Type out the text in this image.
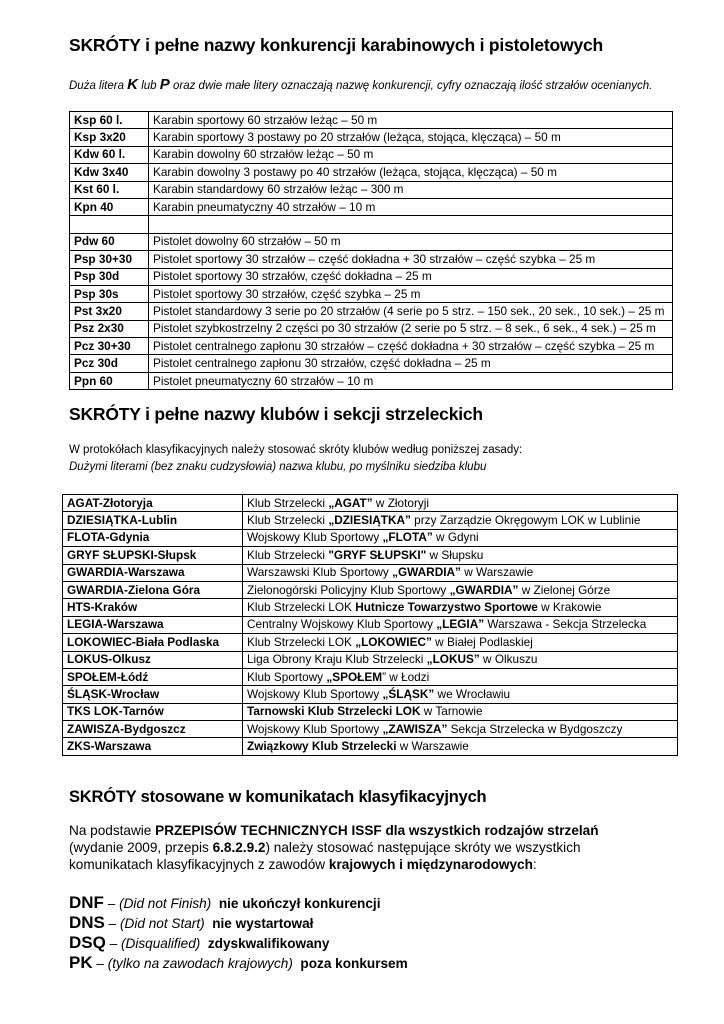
SKRÓTY i pełne nazwy konkurencji karabinowych i pistoletowych
Duża litera K lub P oraz dwie małe litery oznaczają nazwę konkurencji, cyfry oznaczają ilość strzałów ocenianych.
Ksp 60 l.	Karabin sportowy 60 strzałów leżąc – 50 m
Ksp 3x20	Karabin sportowy 3 postawy po 20 strzałów (leżąca, stojąca, klęcząca) – 50 m
Kdw 60 l.	Karabin dowolny 60 strzałów leżąc – 50 m
Kdw 3x40	Karabin dowolny 3 postawy po 40 strzałów (leżąca, stojąca, klęcząca) – 50 m
Kst 60 l.	Karabin standardowy 60 strzałów leżąc – 300 m
Kpn 40	Karabin pneumatyczny 40 strzałów – 10 m

Pdw 60	Pistolet dowolny 60 strzałów – 50 m
Psp 30+30	Pistolet sportowy 30 strzałów – część dokładna + 30 strzałów – część szybka – 25 m
Psp 30d	Pistolet sportowy 30 strzałów, część dokładna – 25 m
Psp 30s	Pistolet sportowy 30 strzałów, część szybka – 25 m
Pst 3x20	Pistolet standardowy 3 serie po 20 strzałów (4 serie po 5 strz. – 150 sek., 20 sek., 10 sek.) – 25 m
Psz 2x30	Pistolet szybkostrzelny 2 części po 30 strzałów (2 serie po 5 strz. – 8 sek., 6 sek., 4 sek.) – 25 m
Pcz 30+30	Pistolet centralnego zapłonu 30 strzałów – część dokładna + 30 strzałów – część szybka – 25 m
Pcz 30d	Pistolet centralnego zapłonu 30 strzałów, część dokładna – 25 m
Ppn 60	Pistolet pneumatyczny 60 strzałów – 10 m
SKRÓTY i pełne nazwy klubów i sekcji strzeleckich
W protokółach klasyfikacyjnych należy stosować skróty klubów według poniższej zasady:
Dużymi literami (bez znaku cudzysłowia) nazwa klubu, po myślniku siedziba klubu
AGAT-Złotoryja	Klub Strzelecki „AGAT” w Złotoryji
DZIESIĄTKA-Lublin	Klub Strzelecki „DZIESIĄTKA” przy Zarządzie Okręgowym LOK w Lublinie
FLOTA-Gdynia	Wojskowy Klub Sportowy „FLOTA” w Gdyni
GRYF SŁUPSKI-Słupsk	Klub Strzelecki "GRYF SŁUPSKI" w Słupsku
GWARDIA-Warszawa	Warszawski Klub Sportowy „GWARDIA” w Warszawie
GWARDIA-Zielona Góra	Zielonogórski Policyjny Klub Sportowy „GWARDIA” w Zielonej Górze
HTS-Kraków	Klub Strzelecki LOK Hutnicze Towarzystwo Sportowe w Krakowie
LEGIA-Warszawa	Centralny Wojskowy Klub Sportowy „LEGIA” Warszawa - Sekcja Strzelecka
LOKOWIEC-Biała Podlaska	Klub Strzelecki LOK „LOKOWIEC” w Białej Podlaskiej
LOKUS-Olkusz	Liga Obrony Kraju Klub Strzelecki „LOKUS” w Olkuszu
SPOŁEM-Łódź	Klub Sportowy „SPOŁEM” w Łodzi
ŚLĄSK-Wrocław	Wojskowy Klub Sportowy „ŚLĄSK” we Wrocławiu
TKS LOK-Tarnów	Tarnowski Klub Strzelecki LOK w Tarnowie
ZAWISZA-Bydgoszcz	Wojskowy Klub Sportowy „ZAWISZA” Sekcja Strzelecka w Bydgoszczy
ZKS-Warszawa	Związkowy Klub Strzelecki w Warszawie
SKRÓTY stosowane w komunikatach klasyfikacyjnych
Na podstawie PRZEPISÓW TECHNICZNYCH ISSF dla wszystkich rodzajów strzelań
(wydanie 2009, przepis 6.8.2.9.2) należy stosować następujące skróty we wszystkich
komunikatach klasyfikacyjnych z zawodów krajowych i międzynarodowych:
DNF – (Did not Finish) nie ukończył konkurencji
DNS – (Did not Start) nie wystartował
DSQ – (Disqualified) zdyskwalifikowany
PK – (tylko na zawodach krajowych) poza konkursem
